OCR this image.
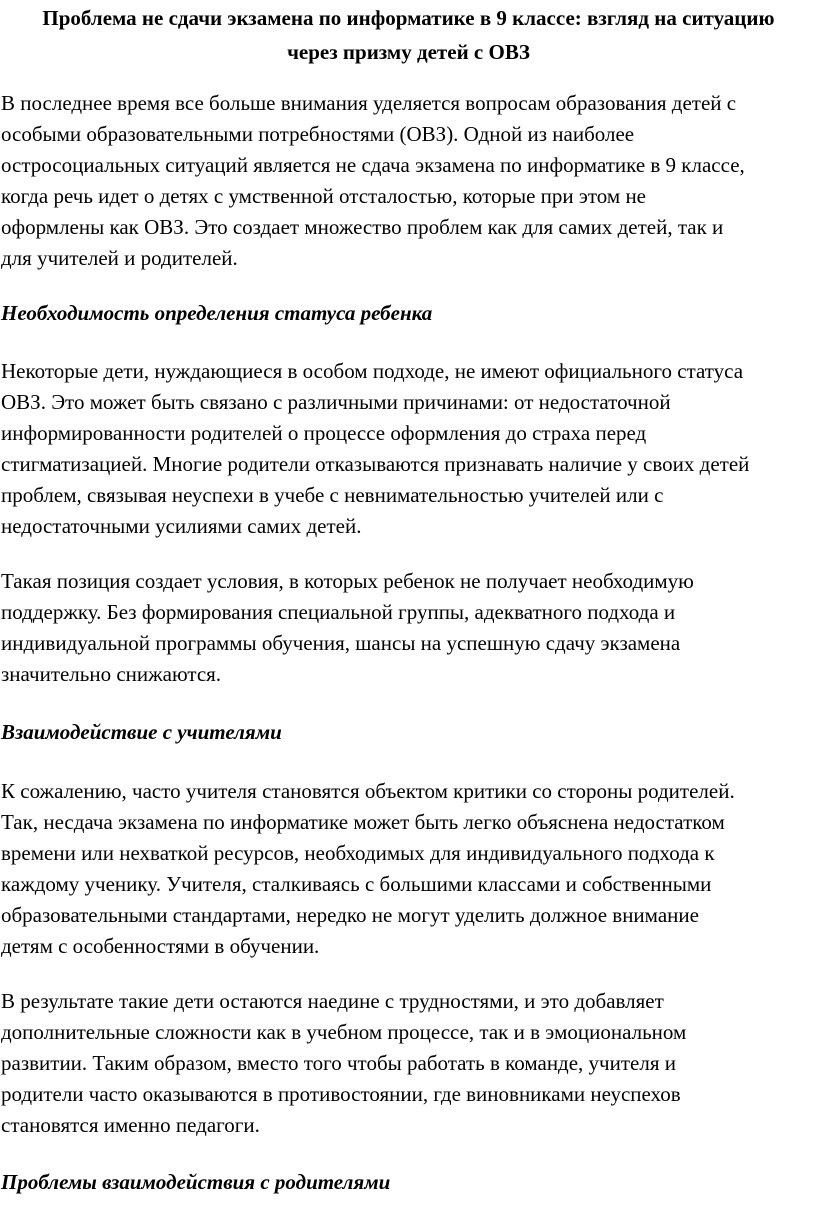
Проблема не сдачи экзамена по информатике в 9 классе: взгляд на ситуацию
через призму детей с ОВЗ
В последнее время все больше внимания уделяется вопросам образования детей с
особыми образовательными потребностями (ОВЗ). Одной из наиболее
остросоциальных ситуаций является не сдача экзамена по информатике в 9 классе,
когда речь идет о детях с умственной отсталостью, которые при этом не
оформлены как ОВЗ. Это создает множество проблем как для самих детей, так и
для учителей и родителей.
Необходимость определения статуса ребенка
Некоторые дети, нуждающиеся в особом подходе, не имеют официального статуса
ОВЗ. Это может быть связано с различными причинами: от недостаточной
информированности родителей о процессе оформления до страха перед
стигматизацией. Многие родители отказываются признавать наличие у своих детей
проблем, связывая неуспехи в учебе с невнимательностью учителей или с
недостаточными усилиями самих детей.
Такая позиция создает условия, в которых ребенок не получает необходимую
поддержку. Без формирования специальной группы, адекватного подхода и
индивидуальной программы обучения, шансы на успешную сдачу экзамена
значительно снижаются.
Взаимодействие с учителями
К сожалению, часто учителя становятся объектом критики со стороны родителей.
Так, несдача экзамена по информатике может быть легко объяснена недостатком
времени или нехваткой ресурсов, необходимых для индивидуального подхода к
каждому ученику. Учителя, сталкиваясь с большими классами и собственными
образовательными стандартами, нередко не могут уделить должное внимание
детям с особенностями в обучении.
В результате такие дети остаются наедине с трудностями, и это добавляет
дополнительные сложности как в учебном процессе, так и в эмоциональном
развитии. Таким образом, вместо того чтобы работать в команде, учителя и
родители часто оказываются в противостоянии, где виновниками неуспехов
становятся именно педагоги.
Проблемы взаимодействия с родителями
